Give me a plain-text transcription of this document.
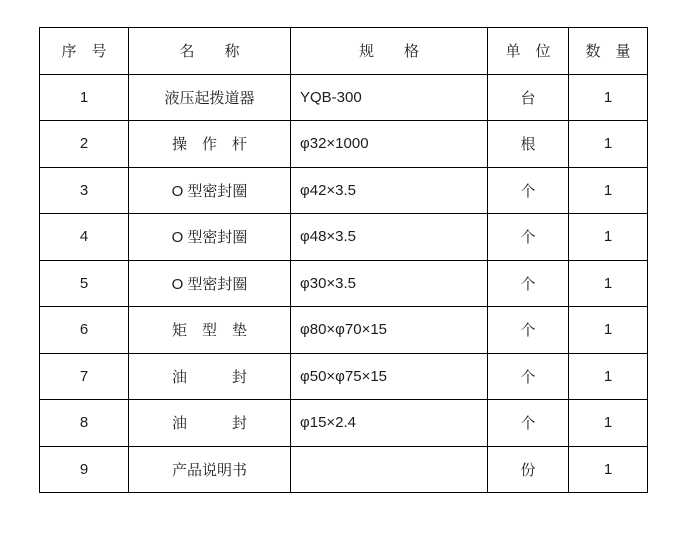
序　号	名　　称	规　　格	单　位	数　量
1	液压起拨道器	YQB-300	台	1
2	操　作　杆	φ32×1000	根	1
3	O 型密封圈	φ42×3.5	个	1
4	O 型密封圈	φ48×3.5	个	1
5	O 型密封圈	φ30×3.5	个	1
6	矩　型　垫	φ80×φ70×15	个	1
7	油　　　封	φ50×φ75×15	个	1
8	油　　　封	φ15×2.4	个	1
9	产品说明书		份	1
